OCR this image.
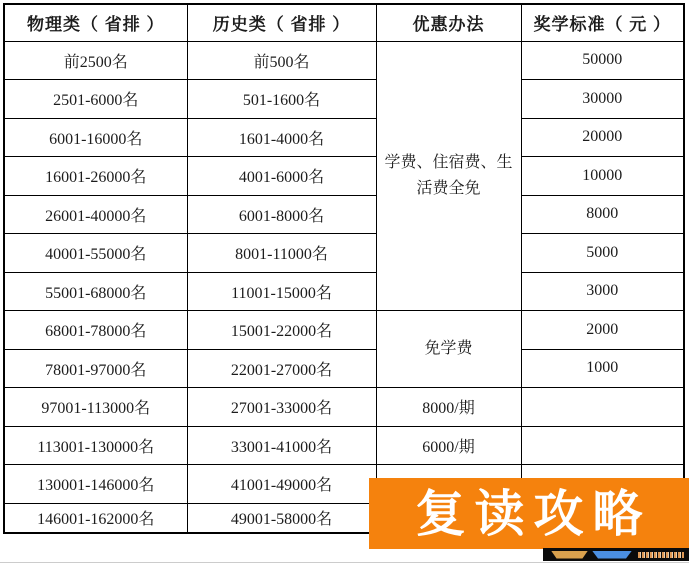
物理类（ 省排 ）	历史类（ 省排 ）	优惠办法	奖学标准（ 元 ）
前2500名	前500名	学费、住宿费、生活费全免	50000
2501-6000名	501-1600名		30000
6001-16000名	1601-4000名		20000
16001-26000名	4001-6000名		10000
26001-40000名	6001-8000名		8000
40001-55000名	8001-11000名		5000
55001-68000名	11001-15000名		3000
68001-78000名	15001-22000名	免学费	2000
78001-97000名	22001-27000名		1000
97001-113000名	27001-33000名	8000/期	
113001-130000名	33001-41000名	6000/期	
130001-146000名	41001-49000名		
146001-162000名	49001-58000名		复读攻略
